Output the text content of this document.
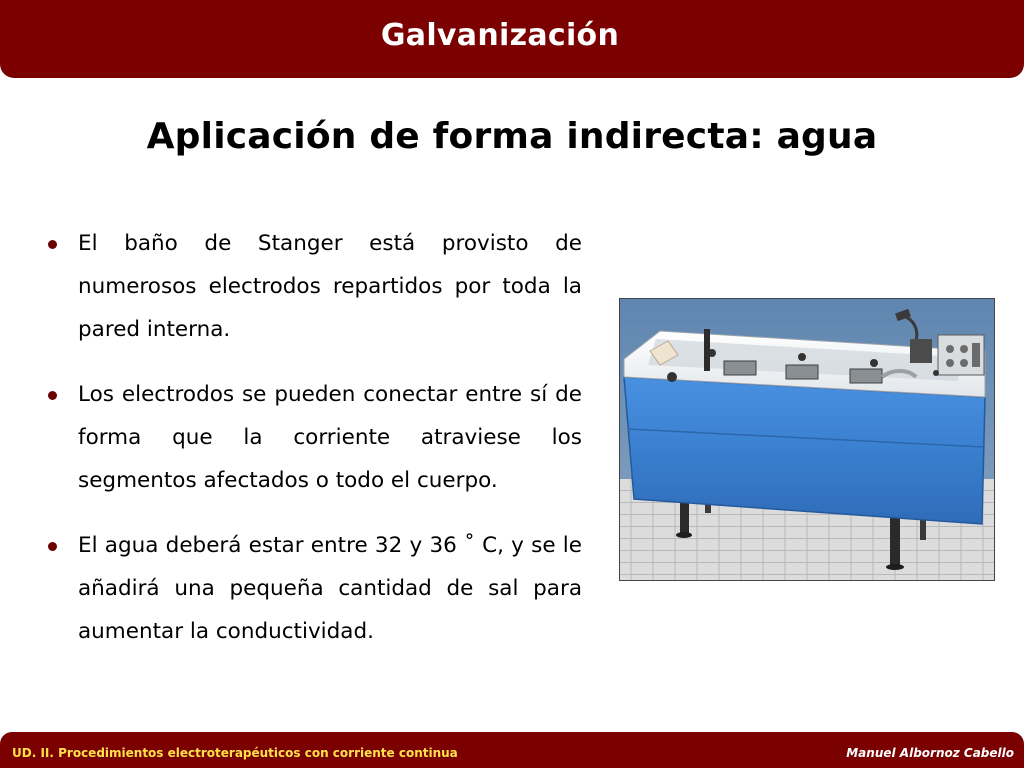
Galvanización
Aplicación de forma indirecta: agua
El baño de Stanger está provisto de numerosos electrodos repartidos por toda la pared interna.
Los electrodos se pueden conectar entre sí de forma que la corriente atraviese los segmentos afectados o todo el cuerpo.
El agua deberá estar entre 32 y 36 ˚ C, y se le añadirá una pequeña cantidad de sal para aumentar la conductividad.
UD. II. Procedimientos electroterapéuticos con corriente continua	Manuel Albornoz Cabello
